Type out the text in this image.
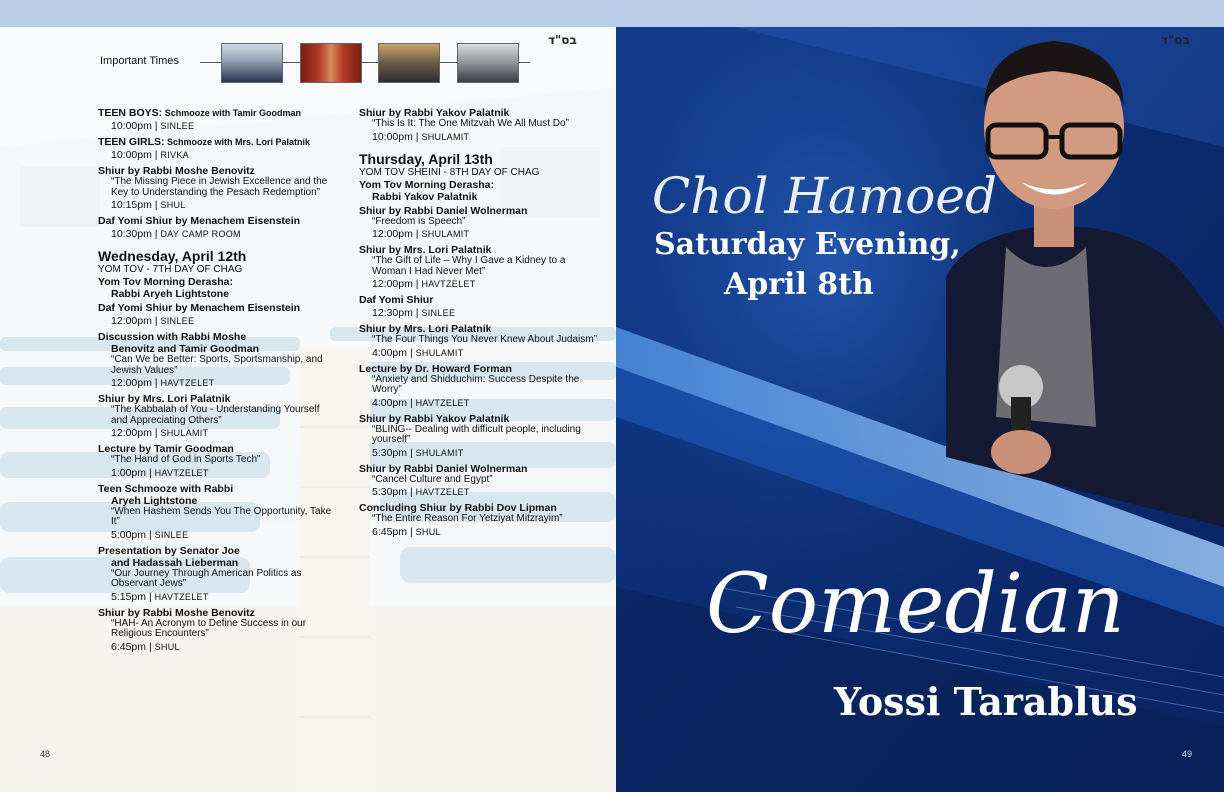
בס"ד
Important Times
TEEN BOYS: Schmooze with Tamir Goodman
10:00pm | SINLEE
TEEN GIRLS: Schmooze with Mrs. Lori Palatnik
10:00pm | RIVKA
Shiur by Rabbi Moshe Benovitz
“The Missing Piece in Jewish Excellence and the Key to Understanding the Pesach Redemption”
10:15pm | SHUL
Daf Yomi Shiur by Menachem Eisenstein
10:30pm | DAY CAMP ROOM
Wednesday, April 12th
YOM TOV - 7TH DAY OF CHAG
Yom Tov Morning Derasha:
Rabbi Aryeh Lightstone
Daf Yomi Shiur by Menachem Eisenstein
12:00pm | SINLEE
Discussion with Rabbi Moshe
Benovitz and Tamir Goodman
“Can We be Better: Sports, Sportsmanship, and Jewish Values”
12:00pm | HAVTZELET
Shiur by Mrs. Lori Palatnik
“The Kabbalah of You - Understanding Yourself and Appreciating Others”
12:00pm | SHULAMIT
Lecture by Tamir Goodman
“The Hand of God in Sports Tech”
1:00pm | HAVTZELET
Teen Schmooze with Rabbi
Aryeh Lightstone
“When Hashem Sends You The Opportunity, Take It”
5:00pm | SINLEE
Presentation by Senator Joe
and Hadassah Lieberman
“Our Journey Through American Politics as Observant Jews”
5:15pm | HAVTZELET
Shiur by Rabbi Moshe Benovitz
“HAH- An Acronym to Define Success in our Religious Encounters”
6:45pm | SHUL
Shiur by Rabbi Yakov Palatnik
“This Is It: The One Mitzvah We All Must Do”
10:00pm | SHULAMIT
Thursday, April 13th
YOM TOV SHEINI - 8TH DAY OF CHAG
Yom Tov Morning Derasha:
Rabbi Yakov Palatnik
Shiur by Rabbi Daniel Wolnerman
“Freedom is Speech”
12:00pm | SHULAMIT
Shiur by Mrs. Lori Palatnik
“The Gift of Life – Why I Gave a Kidney to a Woman I Had Never Met”
12:00pm | HAVTZELET
Daf Yomi Shiur
12:30pm | SINLEE
Shiur by Mrs. Lori Palatnik
“The Four Things You Never Knew About Judaism”
4:00pm | SHULAMIT
Lecture by Dr. Howard Forman
“Anxiety and Shidduchim: Success Despite the Worry”
4:00pm | HAVTZELET
Shiur by Rabbi Yakov Palatnik
“BLING-- Dealing with difficult people, including yourself”
5:30pm | SHULAMIT
Shiur by Rabbi Daniel Wolnerman
“Cancel Culture and Egypt”
5:30pm | HAVTZELET
Concluding Shiur by Rabbi Dov Lipman
“The Entire Reason For Yetziyat Mitzrayim”
6:45pm | SHUL
48
בס"ד
Chol Hamoed
Saturday Evening,
April 8th
Comedian
Yossi Tarablus
49
